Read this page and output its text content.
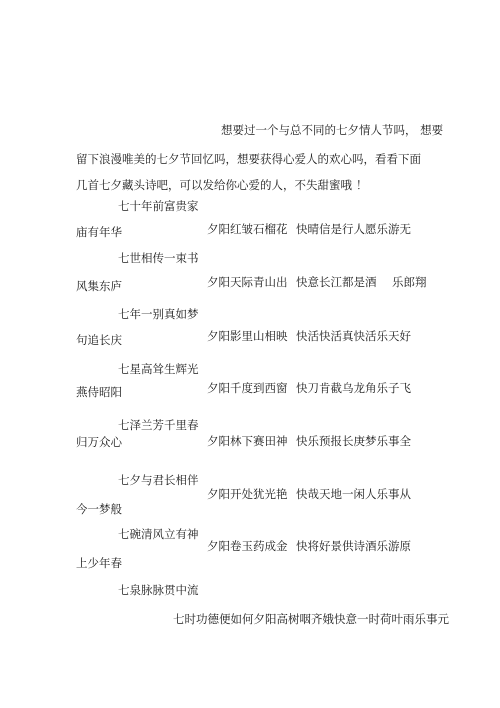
想要过一个与总不同的七夕情人节吗， 想要
留下浪漫唯美的七夕节回忆吗，想要获得心爱人的欢心吗，看看下面
几首七夕藏头诗吧，可以发给你心爱的人，不失甜蜜哦 ！
七十年前富贵家
夕阳红皱石榴花 快晴信是行人愿乐游无
庙有年华
七世相传一束书
夕阳天际青山出 快意长江都是酒 乐郎翔
风集东庐
七年一别真如梦
夕阳影里山相映 快活快活真快活乐天好
句追长庆
七星高耸生辉光
夕阳千度到西窗 快刀肯截乌龙角乐子飞
燕侍昭阳
七泽兰芳千里春
夕阳林下赛田神 快乐预报长庚梦乐事全
归万众心
七夕与君长相伴
夕阳开处犹光艳 快哉天地一闲人乐事从
今一梦般
七碗清风立有神
夕阳卷玉药成金 快将好景供诗酒乐游原
上少年春
七泉脉脉贯中流
七时功德便如何夕阳高树咽齐娥快意一时荷叶雨乐事元
